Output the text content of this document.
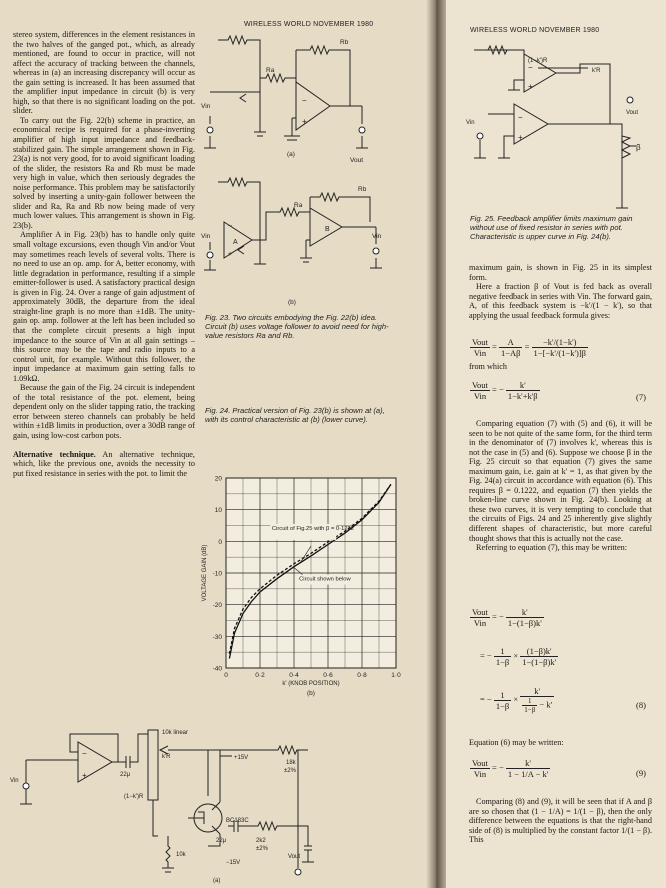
WIRELESS WORLD NOVEMBER 1980
WIRELESS WORLD NOVEMBER 1980

stereo system, differences in the element resistances in the two halves of the ganged pot., which, as already mentioned, are found to occur in practice, will not affect the accuracy of tracking between the channels, whereas in (a) an increasing discrepancy will occur as the gain setting is increased. It has been assumed that the amplifier input impedance in circuit (b) is very high, so that there is no significant loading on the pot. slider.

To carry out the Fig. 22(b) scheme in practice, an economical recipe is required for a phase-inverting amplifier of high input impedance and feedback-stabilized gain. The simple arrangement shown in Fig. 23(a) is not very good, for to avoid significant loading of the slider, the resistors Ra and Rb must be made very high in value, which then seriously degrades the noise performance. This problem may be satisfactorily solved by inserting a unity-gain follower between the slider and Ra, Ra and Rb now being made of very much lower values. This arrangement is shown in Fig. 23(b).

Amplifier A in Fig. 23(b) has to handle only quite small voltage excursions, even though Vin and/or Vout may sometimes reach levels of several volts. There is no need to use an op. amp. for A, better economy, with little degradation in performance, resulting if a simple emitter-follower is used. A satisfactory practical design is given in Fig. 24. Over a range of gain adjustment of approximately 30dB, the departure from the ideal straight-line graph is no more than ±1dB. The unity-gain op. amp. follower at the left has been included so that the complete circuit presents a high input impedance to the source of Vin at all gain settings – this source may be the tape and radio inputs to a control unit, for example. Without this follower, the input impedance at maximum gain setting falls to 1.09kΩ.

Because the gain of the Fig. 24 circuit is independent of the total resistance of the pot. element, being dependent only on the slider tapping ratio, the tracking error between stereo channels can probably be held within ±1dB limits in production, over a 30dB range of gain, using low-cost carbon pots.

Alternative technique. An alternative technique, which, like the previous one, avoids the necessity to put fixed resistance in series with the pot. to limit the

Rb
Ra
−
+
Vin
Vout
(a)
−
+
A
B
Rb
Ra
Vin	Vin
(b)
Fig. 23. Two circuits embodying the Fig. 22(b) idea. Circuit (b) uses voltage follower to avoid need for high-value resistors Ra and Rb.
Fig. 24. Practical version of Fig. 23(b) is shown at (a), with its control characteristic at (b) (lower curve).
20
10
0
-10
-20
-30
-40
0	0·2	0·4	0·6	0·8	1·0
k' (KNOB POSITION)
VOLTAGE GAIN (dB)
(b)
Circuit of Fig.25 with β = 0·1222
Circuit shown below
−
+	22μ
10k linear
k'R
(1−k')R
+15V
BC183C
18k
±2%
22μ	2k2
±2%
10k
−15V
Vin
Vout
(a)
−
+
−
+
k'R
(1−k')R
Vin
Vout
β
Fig. 25. Feedback amplifier limits maximum gain without use of fixed resistor in series with pot. Characteristic is upper curve in Fig. 24(b).

maximum gain, is shown in Fig. 25 in its simplest form.

Here a fraction β of Vout is fed back as overall negative feedback in series with Vin. The forward gain, A, of this feedback system is −k'/(1 − k'), so that applying the usual feedback formula gives:

$\frac{\text{Vout}}{\text{Vin}} = \frac{A}{1-A\beta} = \frac{-k'/(1-k')}{1-[-k'/(1-k')]\beta}$
from which
$\frac{\text{Vout}}{\text{Vin}}$ = − $\frac{k'}{1-k'+k'\beta}$	(7)

Comparing equation (7) with (5) and (6), it will be seen to be not quite of the same form, for the third term in the denominator of (7) involves k', whereas this is not the case in (5) and (6). Suppose we choose β in the Fig. 25 circuit so that equation (7) gives the same maximum gain, i.e. gain at k' = 1, as that given by the Fig. 24(a) circuit in accordance with equation (6). This requires β = 0.1222, and equation (7) then yields the broken-line curve shown in Fig. 24(b). Looking at these two curves, it is very tempting to conclude that the circuits of Figs. 24 and 25 inherently give slightly different shapes of characteristic, but more careful thought shows that this is actually not the case.

Referring to equation (7), this may be written:

$\frac{\text{Vout}}{\text{Vin}}$ = − $\frac{k'}{1-(1-\beta)k'}$
= − $\frac{1}{1-\beta} \times \frac{(1-\beta)k'}{1-(1-\beta)k'}$
= − $\frac{1}{1-\beta} \times \frac{k'}{\frac{1}{1-\beta} - k'}$	(8)
Equation (6) may be written:
$\frac{\text{Vout}}{\text{Vin}}$ = − $\frac{k'}{1 - 1/A - k'}$	(9)

Comparing (8) and (9), it will be seen that if A and β are so chosen that (1 − 1/A) = 1/(1 − β), then the only difference between the equations is that the right-hand side of (8) is multiplied by the constant factor 1/(1 − β). This
